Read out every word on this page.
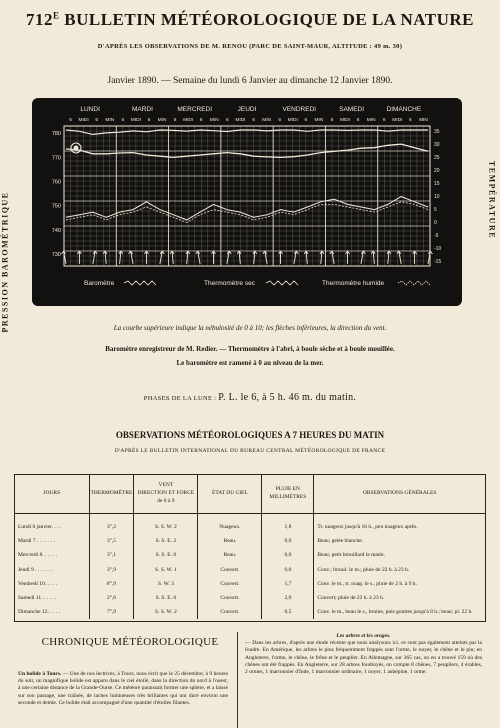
$712^E$ BULLETIN MÉTÉOROLOGIQUE DE LA NATURE
D'APRÈS LES OBSERVATIONS DE M. RENOU (PARC DE SAINT-MAUR, ALTITUDE : 49 m. 30)
Janvier 1890. — Semaine du lundi 6 Janvier au dimanche 12 Janvier 1890.
PRESSION BAROMÉTRIQUE	TEMPÉRATURE
LUNDI
6 MIDI 6 MIN
MARDI
6 MIDI 6 MIN
MERCREDI
6 MIDI 6 MIN
JEUDI
6 MIDI 6 MIN
VENDREDI
6 MIDI 6 MIN
SAMEDI
6 MIDI 6 MIN
DIMANCHE
6 MIDI 6 MIN
780
770
760
750
740
730
35
30
25
20
15
10
5
0
-5
-10
-15
Baromètre	Thermomètre sec	Thermomètre humide
La courbe supérieure indique la nébulosité de 0 à 10; les flèches inférieures, la direction du vent.
Baromètre enregistreur de M. Redier. — Thermomètre à l'abri, à boule sèche et à boule mouillée.
Le baromètre est ramené à 0 au niveau de la mer.
PHASES DE LA LUNE : P. L. le 6, à 5 h. 46 m. du matin.
OBSERVATIONS MÉTÉOROLOGIQUES A 7 HEURES DU MATIN
D'APRÈS LE BULLETIN INTERNATIONAL DU BUREAU CENTRAL MÉTÉOROLOGIQUE DE FRANCE
JOURS	THERMOMÈTRE	VENT
DIRECTION ET FORCE
de 0 à 9	ÉTAT DU CIEL	PLUIE EN
MILLIMÈTRES	OBSERVATIONS GÉNÉRALES
Lundi 6 janvier. . . .	3°,2	S. S. W. 2	Nuageux.	1,8	Tr. nuageux jusqu'à 16 h., peu nuageux après.
Mardi 7 . . . . . . .	3°,5	S. S. E. 2	Beau.	0,0	Beau; gelée blanche.
Mercredi 8. . . . . .	3°,1	S. S. E. 0	Beau.	0,0	Beau; petit brouillard le matin.
Jeudi 9 . . . . . . .	3°,9	S. S. W. 1	Couvert.	0,0	Couv.; brouil. le m.; pluie de 22 h. à 23 h.
Vendredi 10. . . . .	8°,9	S. W. 3	Couvert.	1,7	Couv. le m., tr. nuag. le s., pluie de 2 h. à 9 h.
Samedi 11. . . . . .	2°,6	S. S. E. 0	Couvert.	2,9	Couvert; pluie de 22 h. à 23 h.
Dimanche 12. . . . .	7°,9	S. S. W. 2	Couvert.	0,5	Couv. le m., beau le s., bruine, puis gouttes jusqu'à 8 h.; beau; pl. 22 h.
CHRONIQUE MÉTÉOROLOGIQUE
Un bolide à Tours. — Une de nos lectrices, à Tours, nous écrit que le 25 décembre, à 9 heures du soir, un magnifique bolide est apparu dans le ciel étoilé, dans la direction du nord à l'ouest, à une certaine distance de la Grande-Ourse. Ce météore paraissait former une sphère, et a laissé sur son passage, une traînée, de taches lumineuses très brillantes qui ont duré environ une seconde et demie. Ce bolide était accompagné d'une quantité d'étoiles filantes.
Les arbres et les orages.
— Dans les arbres, d'après une étude récente que nous analysons ici, ce sont pas également atteints par la foudre. En Amérique, les arbres le plus fréquemment frappés sont l'orme, le noyer, le chêne et le pin; en Angleterre, l'orme, le chêne, le frêne et le peuplier. En Allemagne, sur 365 cas, on en a trouvé 159 où des chênes ont été frappés. En Angleterre, sur 28 arbres foudroyés, on compte 8 chênes, 7 peupliers, 4 érables, 2 ormes, 1 marronnier d'Inde, 1 marronnier ordinaire, 1 noyer, 1 aubépine, 1 orme.
